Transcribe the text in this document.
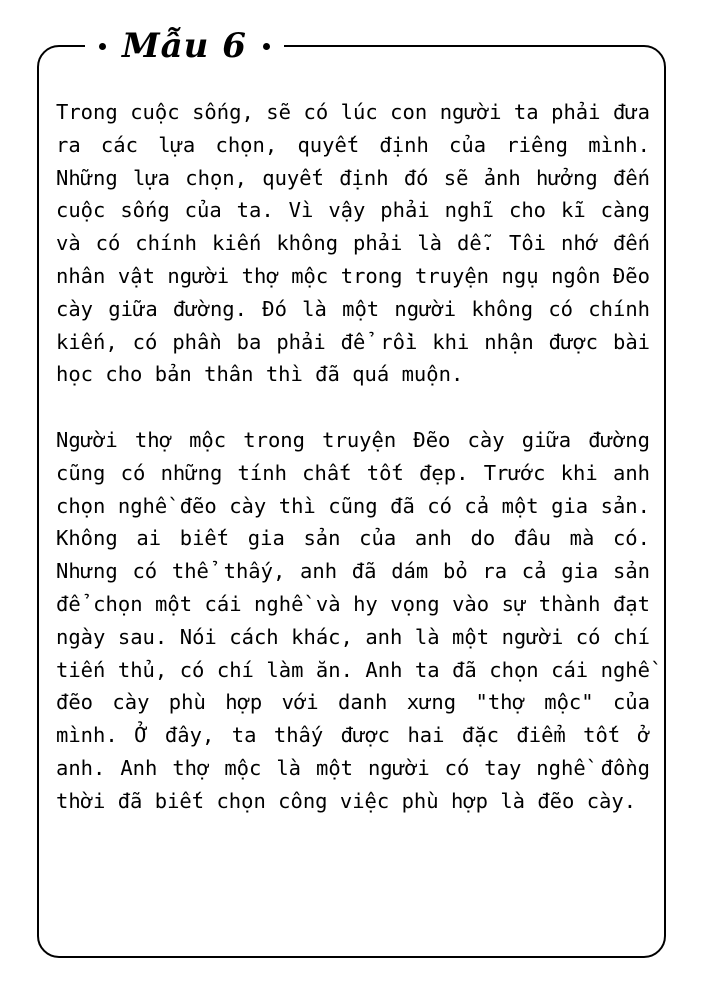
Mẫu 6

Trong cuộc sống, sẽ có lúc con người ta phải đưa ra các lựa chọn, quyết định của riêng mình. Những lựa chọn, quyết định đó sẽ ảnh hưởng đến cuộc sống của ta. Vì vậy phải nghĩ cho kĩ càng và có chính kiến không phải là dễ. Tôi nhớ đến nhân vật người thợ mộc trong truyện ngụ ngôn Đẽo cày giữa đường. Đó là một người không có chính kiến, có phần ba phải để rồi khi nhận được bài học cho bản thân thì đã quá muộn.

Người thợ mộc trong truyện Đẽo cày giữa đường cũng có những tính chất tốt đẹp. Trước khi anh chọn nghề đẽo cày thì cũng đã có cả một gia sản. Không ai biết gia sản của anh do đâu mà có. Nhưng có thể thấy, anh đã dám bỏ ra cả gia sản để chọn một cái nghề và hy vọng vào sự thành đạt ngày sau. Nói cách khác, anh là một người có chí tiến thủ, có chí làm ăn. Anh ta đã chọn cái nghề đẽo cày phù hợp với danh xưng "thợ mộc" của mình. Ở đây, ta thấy được hai đặc điểm tốt ở anh. Anh thợ mộc là một người có tay nghề đồng thời đã biết chọn công việc phù hợp là đẽo cày.
